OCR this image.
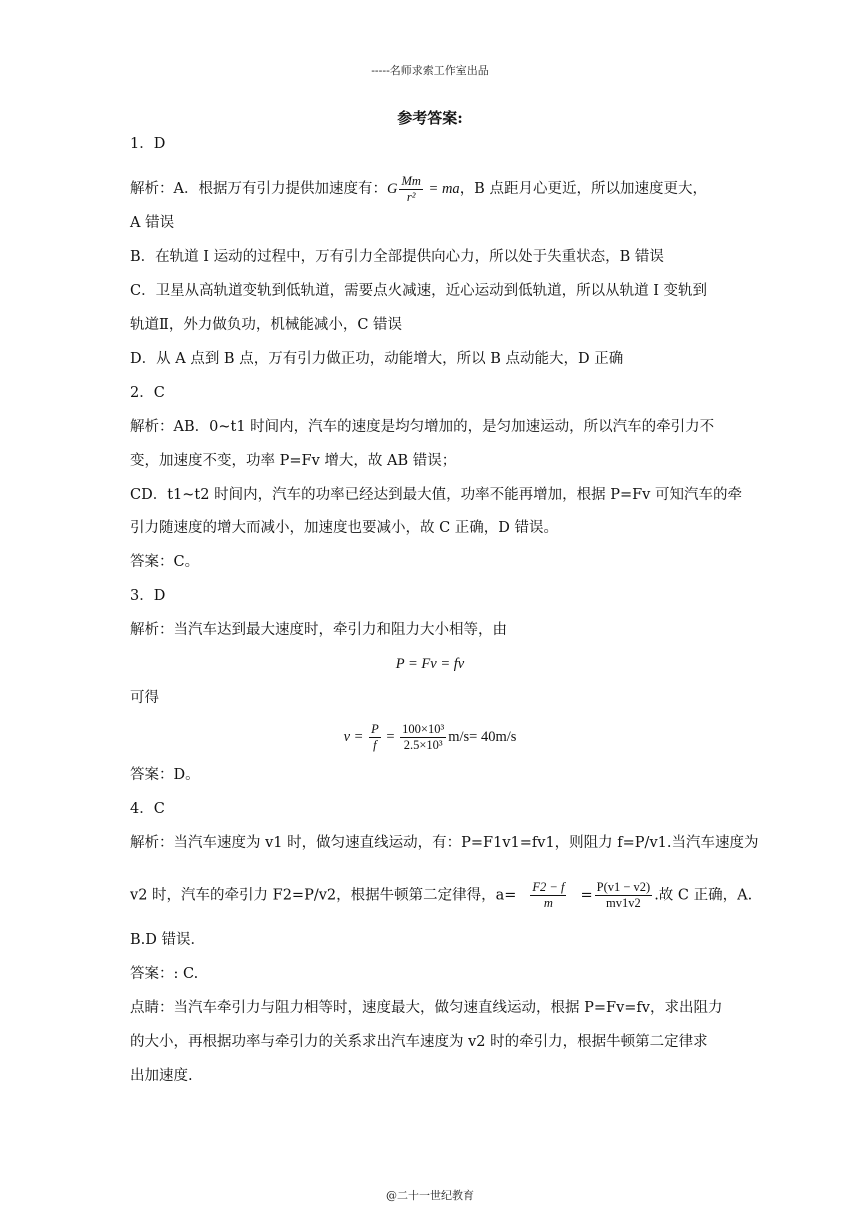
-----名师求索工作室出品
参考答案:
1．D
解析：A．根据万有引力提供加速度有：G $\frac{Mm}{\text{r²}}$ = ma，B 点距月心更近，所以加速度更大，
A 错误
B．在轨道 I 运动的过程中，万有引力全部提供向心力，所以处于失重状态，B 错误
C．卫星从高轨道变轨到低轨道，需要点火减速，近心运动到低轨道，所以从轨道 I 变轨到
轨道Ⅱ，外力做负功，机械能减小，C 错误
D．从 A 点到 B 点，万有引力做正功，动能增大，所以 B 点动能大，D 正确
2．C
解析：AB．0~t1 时间内，汽车的速度是均匀增加的，是匀加速运动，所以汽车的牵引力不
变，加速度不变，功率 P=Fv 增大，故 AB 错误；
CD．t1~t2 时间内，汽车的功率已经达到最大值，功率不能再增加，根据 P=Fv 可知汽车的牵
引力随速度的增大而减小，加速度也要减小，故 C 正确，D 错误。
答案：C。
3．D
解析：当汽车达到最大速度时，牵引力和阻力大小相等，由
P = Fv = fv
可得
$v = \frac{P}{f} = \frac{\text{100×10³}}{\text{2.5×10³}} m/s= 40m/s$
答案：D。
4．C
解析：当汽车速度为 v1 时，做匀速直线运动，有：P=F1v1=fv1，则阻力 f=P/v1.当汽车速度为
v2 时，汽车的牵引力 F2=P/v2，根据牛顿第二定律得，$a= \frac{F2 - f}{m} = \frac{P(v1 - v2)}{mv1v2}$ .故 C 正确，A.
B.D 错误．
答案：: C.
点睛：当汽车牵引力与阻力相等时，速度最大，做匀速直线运动，根据 P=Fv=fv，求出阻力
的大小，再根据功率与牵引力的关系求出汽车速度为 v2 时的牵引力，根据牛顿第二定律求
出加速度.
@二十一世纪教育
